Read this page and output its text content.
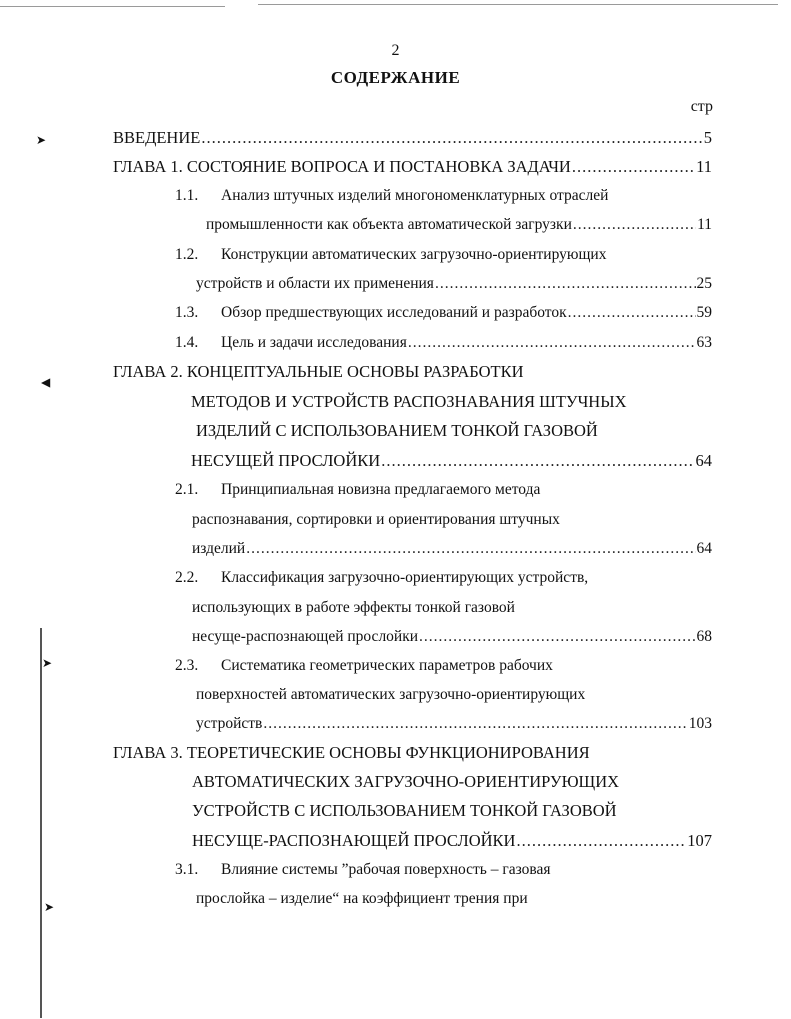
➤
▼
➤
➤
2
СОДЕРЖАНИЕ
стр
ВВЕДЕНИЕ .....	5
ГЛАВА 1. СОСТОЯНИЕ ВОПРОСА И ПОСТАНОВКА ЗАДАЧИ .....	11
1.1.	Анализ штучных изделий многономенклатурных отраслей
промышленности как объекта автоматической загрузки .....	11
1.2.	Конструкции автоматических загрузочно-ориентирующих
устройств и области их применения .....	25
1.3.	Обзор предшествующих исследований и разработок .....	59
1.4.	Цель и задачи исследования .....	63
ГЛАВА 2. КОНЦЕПТУАЛЬНЫЕ ОСНОВЫ РАЗРАБОТКИ
МЕТОДОВ И УСТРОЙСТВ РАСПОЗНАВАНИЯ ШТУЧНЫХ
ИЗДЕЛИЙ С ИСПОЛЬЗОВАНИЕМ ТОНКОЙ ГАЗОВОЙ
НЕСУЩЕЙ ПРОСЛОЙКИ .....	64
2.1.	Принципиальная новизна предлагаемого метода
распознавания, сортировки и ориентирования штучных
изделий .....	64
2.2.	Классификация загрузочно-ориентирующих устройств,
использующих в работе эффекты тонкой газовой
несуще-распознающей прослойки .....	68
2.3.	Систематика геометрических параметров рабочих
поверхностей автоматических загрузочно-ориентирующих
устройств .....	103
ГЛАВА 3. ТЕОРЕТИЧЕСКИЕ ОСНОВЫ ФУНКЦИОНИРОВАНИЯ
АВТОМАТИЧЕСКИХ ЗАГРУЗОЧНО-ОРИЕНТИРУЮЩИХ
УСТРОЙСТВ С ИСПОЛЬЗОВАНИЕМ ТОНКОЙ ГАЗОВОЙ
НЕСУЩЕ-РАСПОЗНАЮЩЕЙ ПРОСЛОЙКИ .....	107
3.1.	Влияние системы ”рабочая поверхность – газовая
прослойка – изделие“ на коэффициент трения при
